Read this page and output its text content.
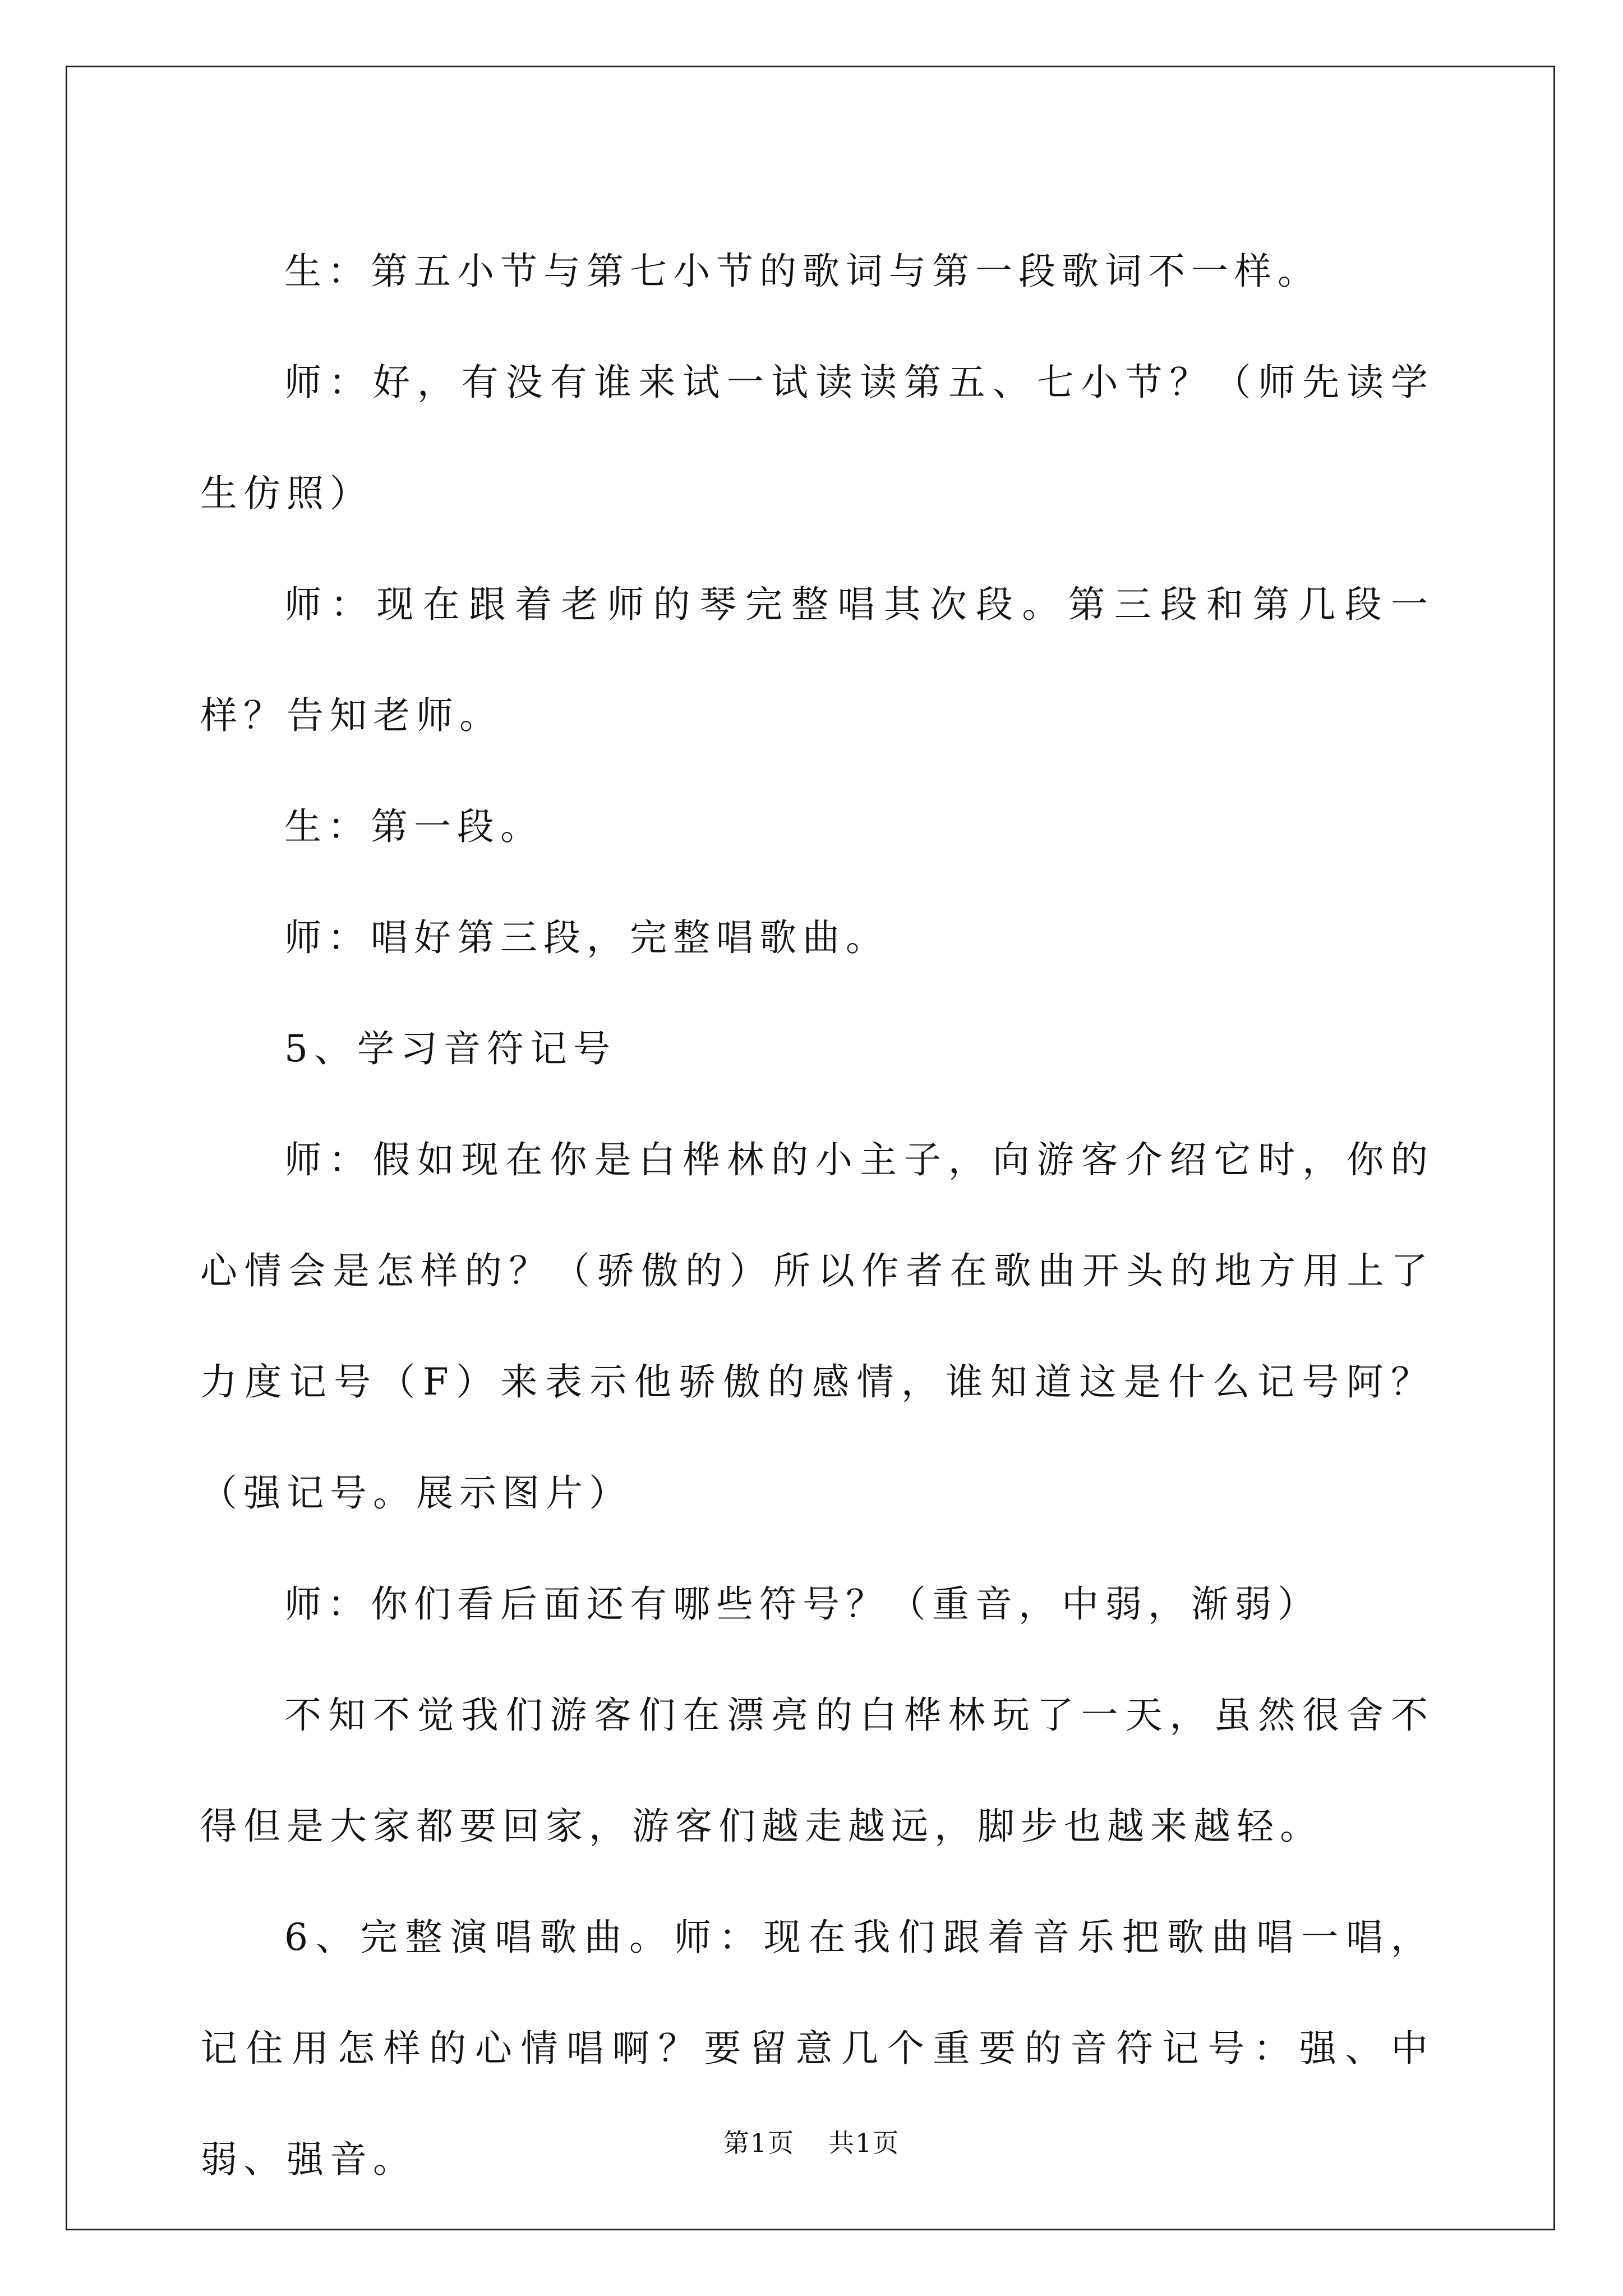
生：第五小节与第七小节的歌词与第一段歌词不一样。

师：好，有没有谁来试一试读读第五、七小节？（师先读学生仿照）

师：现在跟着老师的琴完整唱其次段。第三段和第几段一样？告知老师。

生：第一段。

师：唱好第三段，完整唱歌曲。

5、学习音符记号

师：假如现在你是白桦林的小主子，向游客介绍它时，你的心情会是怎样的？（骄傲的）所以作者在歌曲开头的地方用上了力度记号（F）来表示他骄傲的感情，谁知道这是什么记号阿？（强记号。展示图片）

师：你们看后面还有哪些符号？（重音，中弱，渐弱）

不知不觉我们游客们在漂亮的白桦林玩了一天，虽然很舍不得但是大家都要回家，游客们越走越远，脚步也越来越轻。

6、完整演唱歌曲。师：现在我们跟着音乐把歌曲唱一唱，记住用怎样的心情唱啊？要留意几个重要的音符记号：强、中弱、强音。	第1页 共1页
